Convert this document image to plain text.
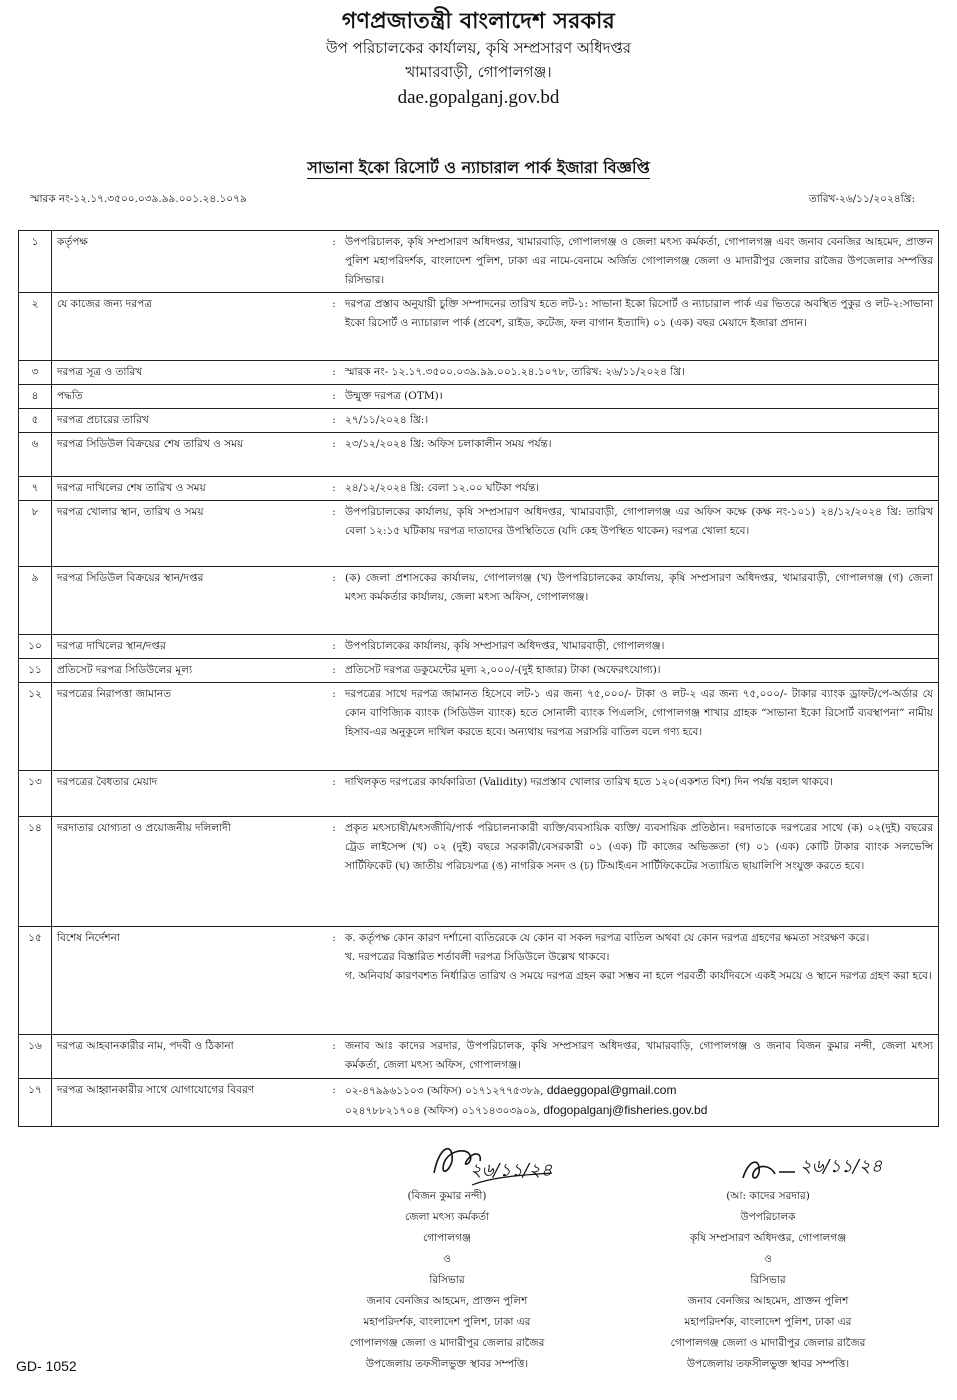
গণপ্রজাতন্ত্রী বাংলাদেশ সরকার
উপ পরিচালকের কার্যালয়, কৃষি সম্প্রসারণ অধিদপ্তর
খামারবাড়ী, গোপালগঞ্জ।
dae.gopalganj.gov.bd
সাভানা ইকো রিসোর্ট ও ন্যাচারাল পার্ক ইজারা বিজ্ঞপ্তি
স্মারক নং-১২.১৭.৩৫০০.০৩৯.৯৯.০০১.২৪.১০৭৯	তারিখ-২৬/১১/২০২৪খ্রি:
১	কর্তৃপক্ষ	:	উপপরিচালক, কৃষি সম্প্রসারণ অধিদপ্তর, খামারবাড়ি, গোপালগঞ্জ ও জেলা মৎস্য কর্মকর্তা, গোপালগঞ্জ এবং জনাব বেনজির আহমেদ, প্রাক্তন পুলিশ মহাপরিদর্শক, বাংলাদেশ পুলিশ, ঢাকা এর নামে-বেনামে অর্জিত গোপালগঞ্জ জেলা ও মাদারীপুর জেলার রাজৈর উপজেলার সম্পত্তির রিসিভার।
২	যে কাজের জন্য দরপত্র	:	দরপত্র প্রস্তাব অনুযায়ী চুক্তি সম্পাদনের তারিখ হতে লট-১: সাভানা ইকো রিসোর্ট ও ন্যাচারাল পার্ক এর ভিতরে অবস্থিত পুকুর ও লট-২:সাভানা ইকো রিসোর্ট ও ন্যাচারাল পার্ক (প্রবেশ, রাইড, কটেজ, ফল বাগান ইত্যাদি) ০১ (এক) বছর মেয়াদে ইজারা প্রদান।
৩	দরপত্র সূত্র ও তারিখ	:	স্মারক নং- ১২.১৭.৩৫০০.০৩৯.৯৯.০০১.২৪.১০৭৮, তারিখ: ২৬/১১/২০২৪ খ্রি।
৪	পদ্ধতি	:	উন্মুক্ত দরপত্র (OTM)।
৫	দরপত্র প্রচারের তারিখ	:	২৭/১১/২০২৪ খ্রি:।
৬	দরপত্র সিডিউল বিক্রয়ের শেষ তারিখ ও সময়	:	২৩/১২/২০২৪ খ্রি: অফিস চলাকালীন সময় পর্যন্ত।
৭	দরপত্র দাখিলের শেষ তারিখ ও সময়	:	২৪/১২/২০২৪ খ্রি: বেলা ১২.০০ ঘটিকা পর্যন্ত।
৮	দরপত্র খোলার স্থান, তারিখ ও সময়	:	উপপরিচালকের কার্যালয়, কৃষি সম্প্রসারণ অধিদপ্তর, খামারবাড়ী, গোপালগঞ্জ এর অফিস কক্ষে (কক্ষ নং-১০১) ২৪/১২/২০২৪ খ্রি: তারিখ বেলা ১২:১৫ ঘটিকায় দরপত্র দাতাদের উপস্থিতিতে (যদি কেহ উপস্থিত থাকেন) দরপত্র খোলা হবে।
৯	দরপত্র সিডিউল বিক্রয়ের স্থান/দপ্তর	:	(ক) জেলা প্রশাসকের কার্যালয়, গোপালগঞ্জ (খ) উপপরিচালকের কার্যালয়, কৃষি সম্প্রসারণ অধিদপ্তর, খামারবাড়ী, গোপালগঞ্জ (গ) জেলা মৎস্য কর্মকর্তার কার্যালয়, জেলা মৎস্য অফিস, গোপালগঞ্জ।
১০	দরপত্র দাখিলের স্থান/দপ্তর	:	উপপরিচালকের কার্যালয়, কৃষি সম্প্রসারণ অধিদপ্তর, খামারবাড়ী, গোপালগঞ্জ।
১১	প্রতিসেট দরপত্র সিডিউলের মূল্য	:	প্রতিসেট দরপত্র ডকুমেন্টের মূল্য ২,০০০/-(দুই হাজার) টাকা (অফেরৎযোগ্য)।
১২	দরপত্রের নিরাপত্তা জামানত	:	দরপত্রের সাথে দরপত্র জামানত হিসেবে লট-১ এর জন্য ৭৫,০০০/- টাকা ও লট-২ এর জন্য ৭৫,০০০/- টাকার ব্যাংক ড্রাফট/পে-অর্ডার যে কোন বাণিজ্যিক ব্যাংক (সিডিউল ব্যাংক) হতে সোনালী ব্যাংক পিএলসি, গোপালগঞ্জ শাখার গ্রাহক “সাভানা ইকো রিসোর্ট ব্যবস্থাপনা” নামীয় হিসাব-এর অনুকূলে দাখিল করতে হবে। অন্যথায় দরপত্র সরাসরি বাতিল বলে গণ্য হবে।
১৩	দরপত্রের বৈধতার মেয়াদ	:	দাখিলকৃত দরপত্রের কার্যকারিতা (Validity) দরপ্রস্তাব খোলার তারিখ হতে ১২০(একশত বিশ) দিন পর্যন্ত বহাল থাকবে।
১৪	দরদাতার যোগ্যতা ও প্রয়োজনীয় দলিলাদী	:	প্রকৃত মৎসচাষী/মৎসজীবি/পার্ক পরিচালনাকারী ব্যক্তি/ব্যবসায়িক ব্যক্তি/ ব্যবসায়িক প্রতিষ্ঠান। দরদাতাকে দরপত্রের সাথে (ক) ০২(দুই) বছরের ট্রেড লাইসেন্স (খ) ০২ (দুই) বছরে সরকারী/বেসরকারী ০১ (এক) টি কাজের অভিজ্ঞতা (গ) ০১ (এক) কোটি টাকার ব্যাংক সলভেন্সি সার্টিফিকেট (ঘ) জাতীয় পরিচয়পত্র (ঙ) নাগরিক সনদ ও (চ) টিআইএন সার্টিফিকেটের সত্যায়িত ছায়ালিপি সংযুক্ত করতে হবে।
১৫	বিশেষ নির্দেশনা	:	ক. কর্তৃপক্ষ কোন কারণ দর্শানো ব্যতিরেকে যে কোন বা সকল দরপত্র বাতিল অথবা যে কোন দরপত্র গ্রহণের ক্ষমতা সংরক্ষণ করে।
খ. দরপত্রের বিস্তারিত শর্তাবলী দরপত্র সিডিউলে উল্লেখ থাকবে।
গ. অনিবার্য কারণবশত নির্ধারিত তারিখ ও সময়ে দরপত্র গ্রহন করা সম্ভব না হলে পরবর্তী কার্যদিবসে একই সময়ে ও স্থানে দরপত্র গ্রহণ করা হবে।

১৬	দরপত্র আহবানকারীর নাম, পদবী ও ঠিকানা	:	জনাব আঃ কাদের সরদার, উপপরিচালক, কৃষি সম্প্রসারণ অধিদপ্তর, খামারবাড়ি, গোপালগঞ্জ ও জনাব বিজন কুমার নন্দী, জেলা মৎস্য কর্মকর্তা, জেলা মৎস্য অফিস, গোপালগঞ্জ।
১৭	দরপত্র আহ্বানকারীর সাথে যোগাযোগের বিবরণ	:	০২-৪৭৯৯৬১১০৩ (অফিস) ০১৭১২৭৭৫৩৮৯, ddaeggopal@gmail.com
০২৪৭৮৮২১৭০৪ (অফিস) ০১৭১৪৩০৩৯০৯, dfogopalganj@fisheries.gov.bd
২৬/১১/২৪	২৬/১১/২৪
(বিজন কুমার নন্দী)
জেলা মৎস্য কর্মকর্তা
গোপালগঞ্জ
ও
রিসিভার
জনাব বেনজির আহমেদ, প্রাক্তন পুলিশ
মহাপরিদর্শক, বাংলাদেশ পুলিশ, ঢাকা এর
গোপালগঞ্জ জেলা ও মাদারীপুর জেলার রাজৈর
উপজেলায় তফসীলভুক্ত স্থাবর সম্পত্তি।
(আ: কাদের সরদার)
উপপরিচালক
কৃষি সম্প্রসারণ অধিদপ্তর, গোপালগঞ্জ
ও
রিসিভার
জনাব বেনজির আহমেদ, প্রাক্তন পুলিশ
মহাপরিদর্শক, বাংলাদেশ পুলিশ, ঢাকা এর
গোপালগঞ্জ জেলা ও মাদারীপুর জেলার রাজৈর
উপজেলায় তফসীলভুক্ত স্থাবর সম্পত্তি।
GD- 1052
